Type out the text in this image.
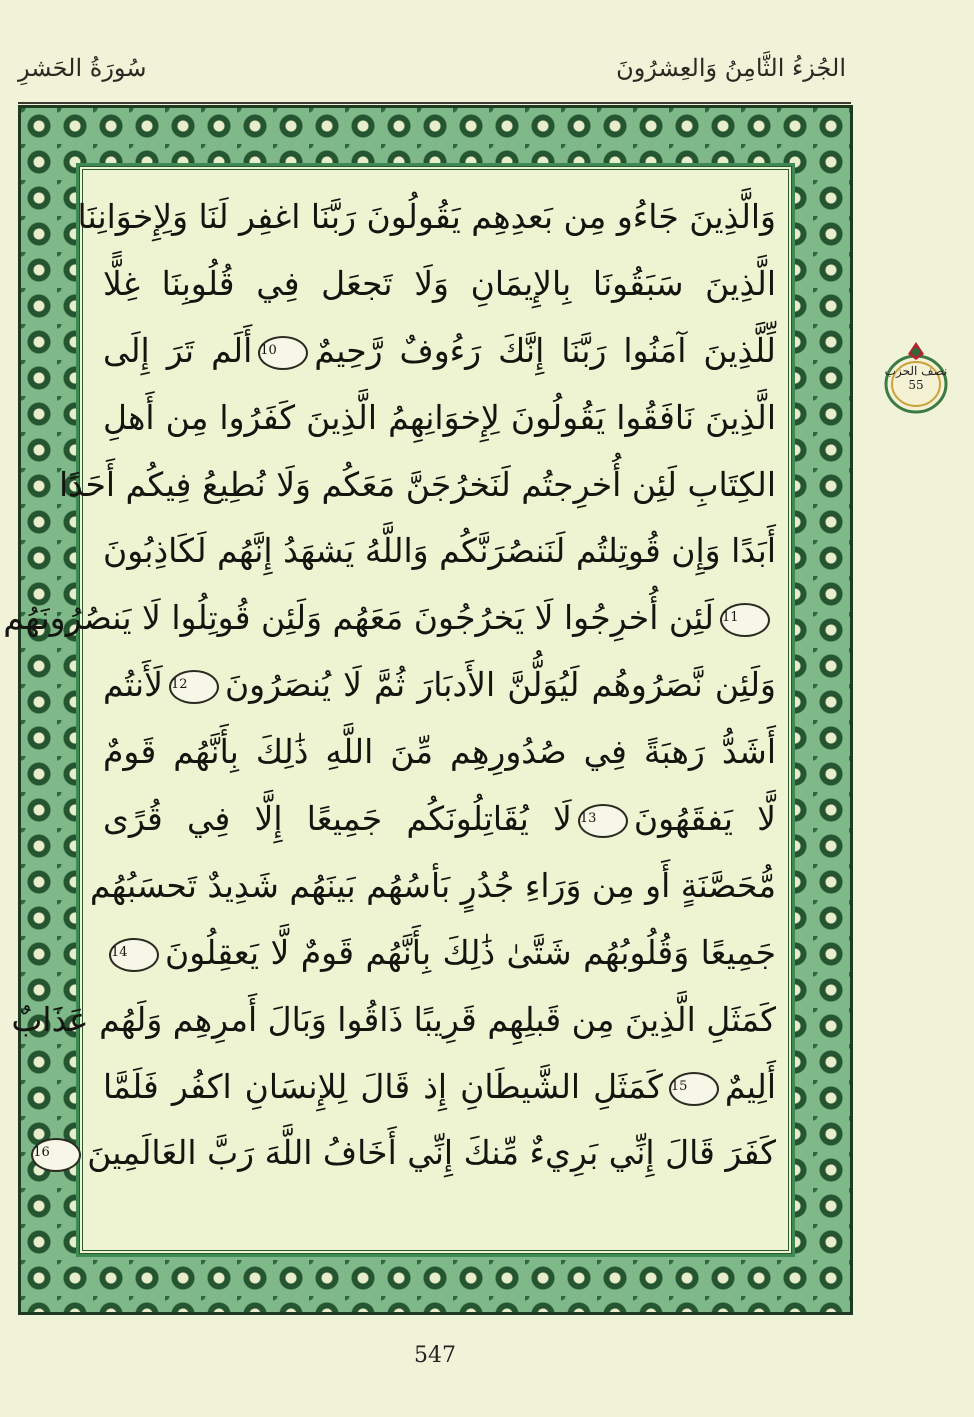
الجُزءُ الثَّامِنُ وَالعِشرُونَ
سُورَةُ الحَشرِ
وَالَّذِينَ جَاءُو مِن بَعدِهِم يَقُولُونَ رَبَّنَا اغفِر لَنَا وَلِإِخوَانِنَا
الَّذِينَ سَبَقُونَا بِالإِيمَانِ وَلَا تَجعَل فِي قُلُوبِنَا غِلًّا
لِّلَّذِينَ آمَنُوا رَبَّنَا إِنَّكَ رَءُوفٌ رَّحِيمٌ10أَلَم تَرَ إِلَى
الَّذِينَ نَافَقُوا يَقُولُونَ لِإِخوَانِهِمُ الَّذِينَ كَفَرُوا مِن أَهلِ
الكِتَابِ لَئِن أُخرِجتُم لَنَخرُجَنَّ مَعَكُم وَلَا نُطِيعُ فِيكُم أَحَدًا
أَبَدًا وَإِن قُوتِلتُم لَنَنصُرَنَّكُم وَاللَّهُ يَشهَدُ إِنَّهُم لَكَاذِبُونَ
11لَئِن أُخرِجُوا لَا يَخرُجُونَ مَعَهُم وَلَئِن قُوتِلُوا لَا يَنصُرُونَهُم
وَلَئِن نَّصَرُوهُم لَيُوَلُّنَّ الأَدبَارَ ثُمَّ لَا يُنصَرُونَ12لَأَنتُم
أَشَدُّ رَهبَةً فِي صُدُورِهِم مِّنَ اللَّهِ ذَٰلِكَ بِأَنَّهُم قَومٌ
لَّا يَفقَهُونَ13لَا يُقَاتِلُونَكُم جَمِيعًا إِلَّا فِي قُرًى
مُّحَصَّنَةٍ أَو مِن وَرَاءِ جُدُرٍ بَأسُهُم بَينَهُم شَدِيدٌ تَحسَبُهُم
جَمِيعًا وَقُلُوبُهُم شَتَّىٰ ذَٰلِكَ بِأَنَّهُم قَومٌ لَّا يَعقِلُونَ14
كَمَثَلِ الَّذِينَ مِن قَبلِهِم قَرِيبًا ذَاقُوا وَبَالَ أَمرِهِم وَلَهُم عَذَابٌ
أَلِيمٌ15كَمَثَلِ الشَّيطَانِ إِذ قَالَ لِلإِنسَانِ اكفُر فَلَمَّا
كَفَرَ قَالَ إِنِّي بَرِيءٌ مِّنكَ إِنِّي أَخَافُ اللَّهَ رَبَّ العَالَمِينَ16
نصف الحزب
55
547
